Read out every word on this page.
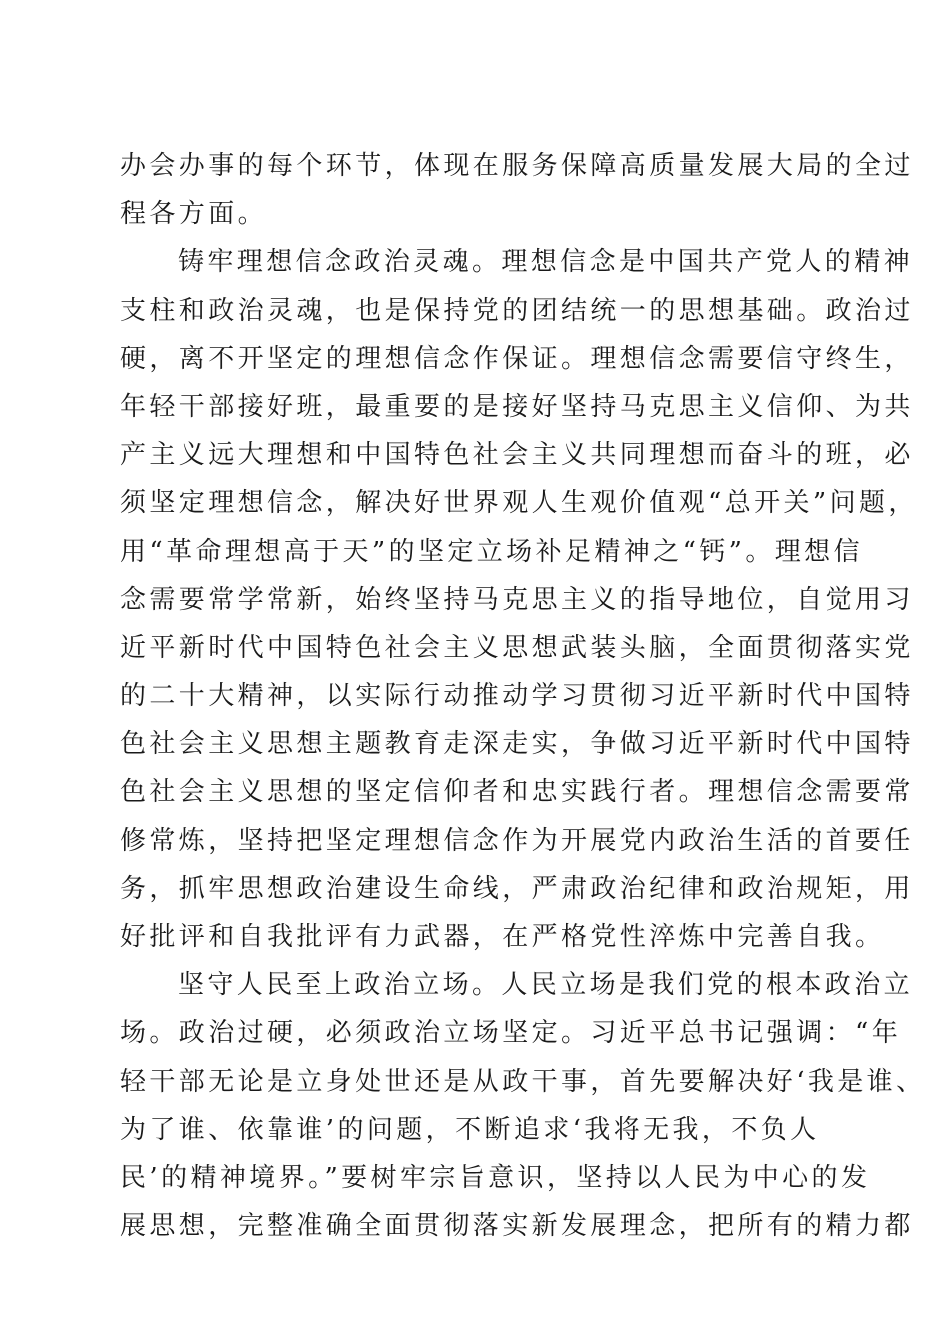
办会办事的每个环节，体现在服务保障高质量发展大局的全过
程各方面。
铸牢理想信念政治灵魂。理想信念是中国共产党人的精神
支柱和政治灵魂，也是保持党的团结统一的思想基础。政治过
硬，离不开坚定的理想信念作保证。理想信念需要信守终生，
年轻干部接好班，最重要的是接好坚持马克思主义信仰、为共
产主义远大理想和中国特色社会主义共同理想而奋斗的班，必
须坚定理想信念，解决好世界观人生观价值观“总开关”问题，
用“革命理想高于天”的坚定立场补足精神之“钙”。理想信
念需要常学常新，始终坚持马克思主义的指导地位，自觉用习
近平新时代中国特色社会主义思想武装头脑，全面贯彻落实党
的二十大精神，以实际行动推动学习贯彻习近平新时代中国特
色社会主义思想主题教育走深走实，争做习近平新时代中国特
色社会主义思想的坚定信仰者和忠实践行者。理想信念需要常
修常炼，坚持把坚定理想信念作为开展党内政治生活的首要任
务，抓牢思想政治建设生命线，严肃政治纪律和政治规矩，用
好批评和自我批评有力武器，在严格党性淬炼中完善自我。
坚守人民至上政治立场。人民立场是我们党的根本政治立
场。政治过硬，必须政治立场坚定。习近平总书记强调：“年
轻干部无论是立身处世还是从政干事，首先要解决好‘我是谁、
为了谁、依靠谁’的问题，不断追求‘我将无我，不负人
民’的精神境界。”要树牢宗旨意识，坚持以人民为中心的发
展思想，完整准确全面贯彻落实新发展理念，把所有的精力都
